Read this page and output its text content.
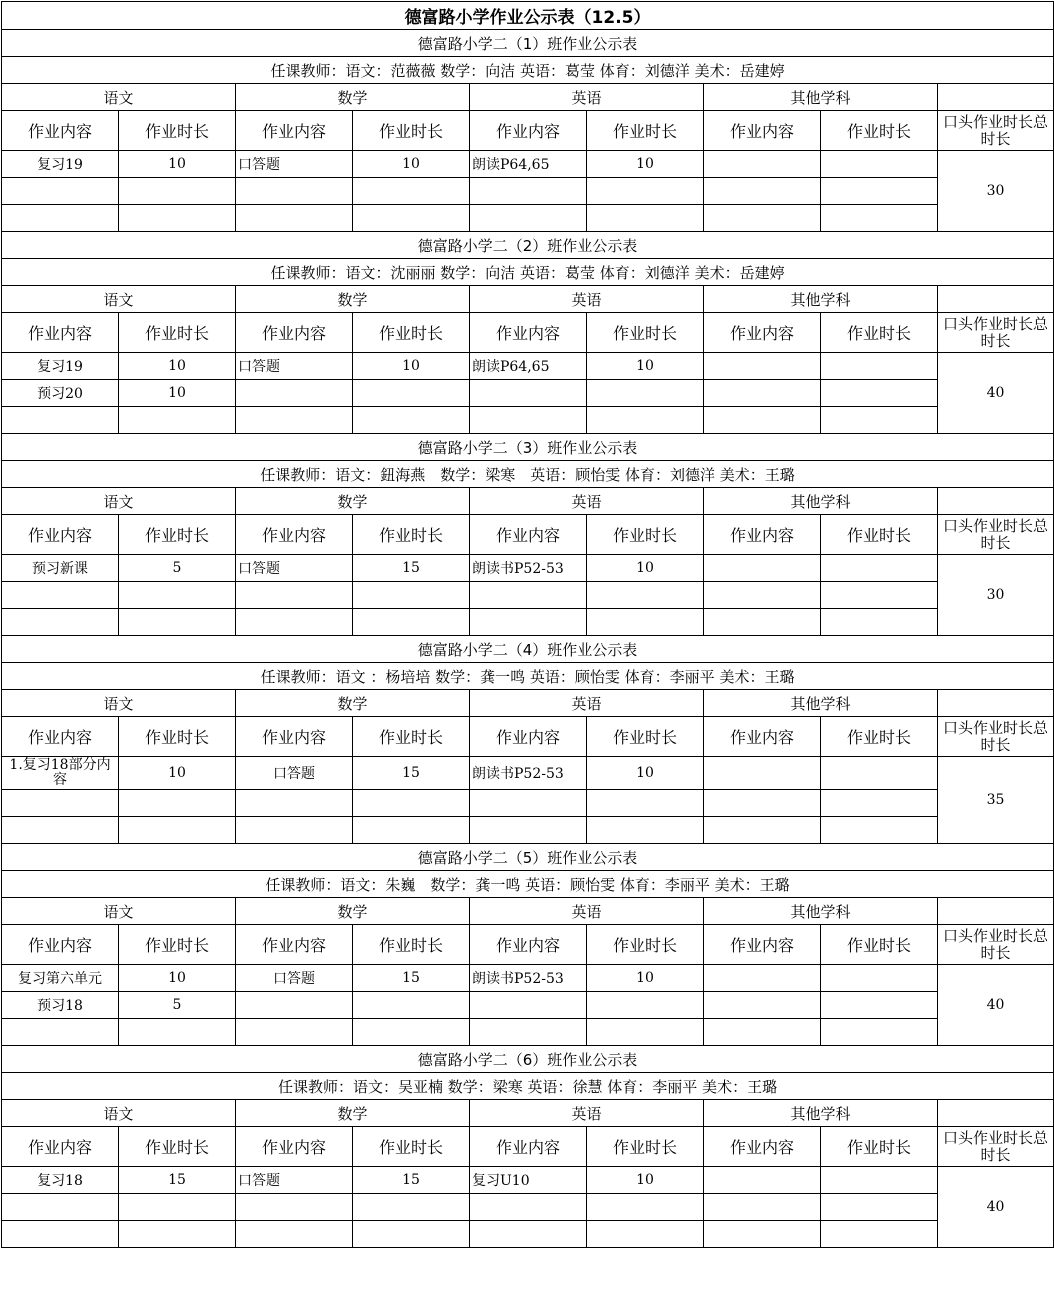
德富路小学作业公示表（12.5）								
德富路小学二（1）班作业公示表								
任课教师：语文：范薇薇 数学：向洁 英语：葛莹 体育：刘德洋 美术：岳建婷								
语文		数学		英语		其他学科		
作业内容	作业时长	作业内容	作业时长	作业内容	作业时长	作业内容	作业时长	口头作业时长总时长
复习19	10	口答题	10	朗读P64,65	10			30

德富路小学二（2）班作业公示表								
任课教师：语文：沈丽丽 数学：向洁 英语：葛莹 体育：刘德洋 美术：岳建婷								
语文		数学		英语		其他学科		
作业内容	作业时长	作业内容	作业时长	作业内容	作业时长	作业内容	作业时长	口头作业时长总时长
复习19	10	口答题	10	朗读P64,65	10			40
预习20	10							

德富路小学二（3）班作业公示表								
任课教师：语文：鈕海燕　数学：梁寒　英语：顾怡雯 体育：刘德洋 美术：王璐								
语文		数学		英语		其他学科		
作业内容	作业时长	作业内容	作业时长	作业内容	作业时长	作业内容	作业时长	口头作业时长总时长
预习新课	5	口答题	15	朗读书P52-53	10			30

德富路小学二（4）班作业公示表								
任课教师：语文 ：杨培培 数学：龚一鸣 英语：顾怡雯 体育：李丽平 美术：王璐								
语文		数学		英语		其他学科		
作业内容	作业时长	作业内容	作业时长	作业内容	作业时长	作业内容	作业时长	口头作业时长总时长
1.复习18部分内容	10	口答题	15	朗读书P52-53	10			35

德富路小学二（5）班作业公示表								
任课教师：语文：朱巍　数学：龚一鸣 英语：顾怡雯 体育：李丽平 美术：王璐								
语文		数学		英语		其他学科		
作业内容	作业时长	作业内容	作业时长	作业内容	作业时长	作业内容	作业时长	口头作业时长总时长
复习第六单元	10	口答题	15	朗读书P52-53	10			40
预习18	5							

德富路小学二（6）班作业公示表								
任课教师：语文：吴亚楠 数学：梁寒 英语：徐慧 体育：李丽平 美术：王璐								
语文		数学		英语		其他学科		
作业内容	作业时长	作业内容	作业时长	作业内容	作业时长	作业内容	作业时长	口头作业时长总时长
复习18	15	口答题	15	复习U10	10			40
